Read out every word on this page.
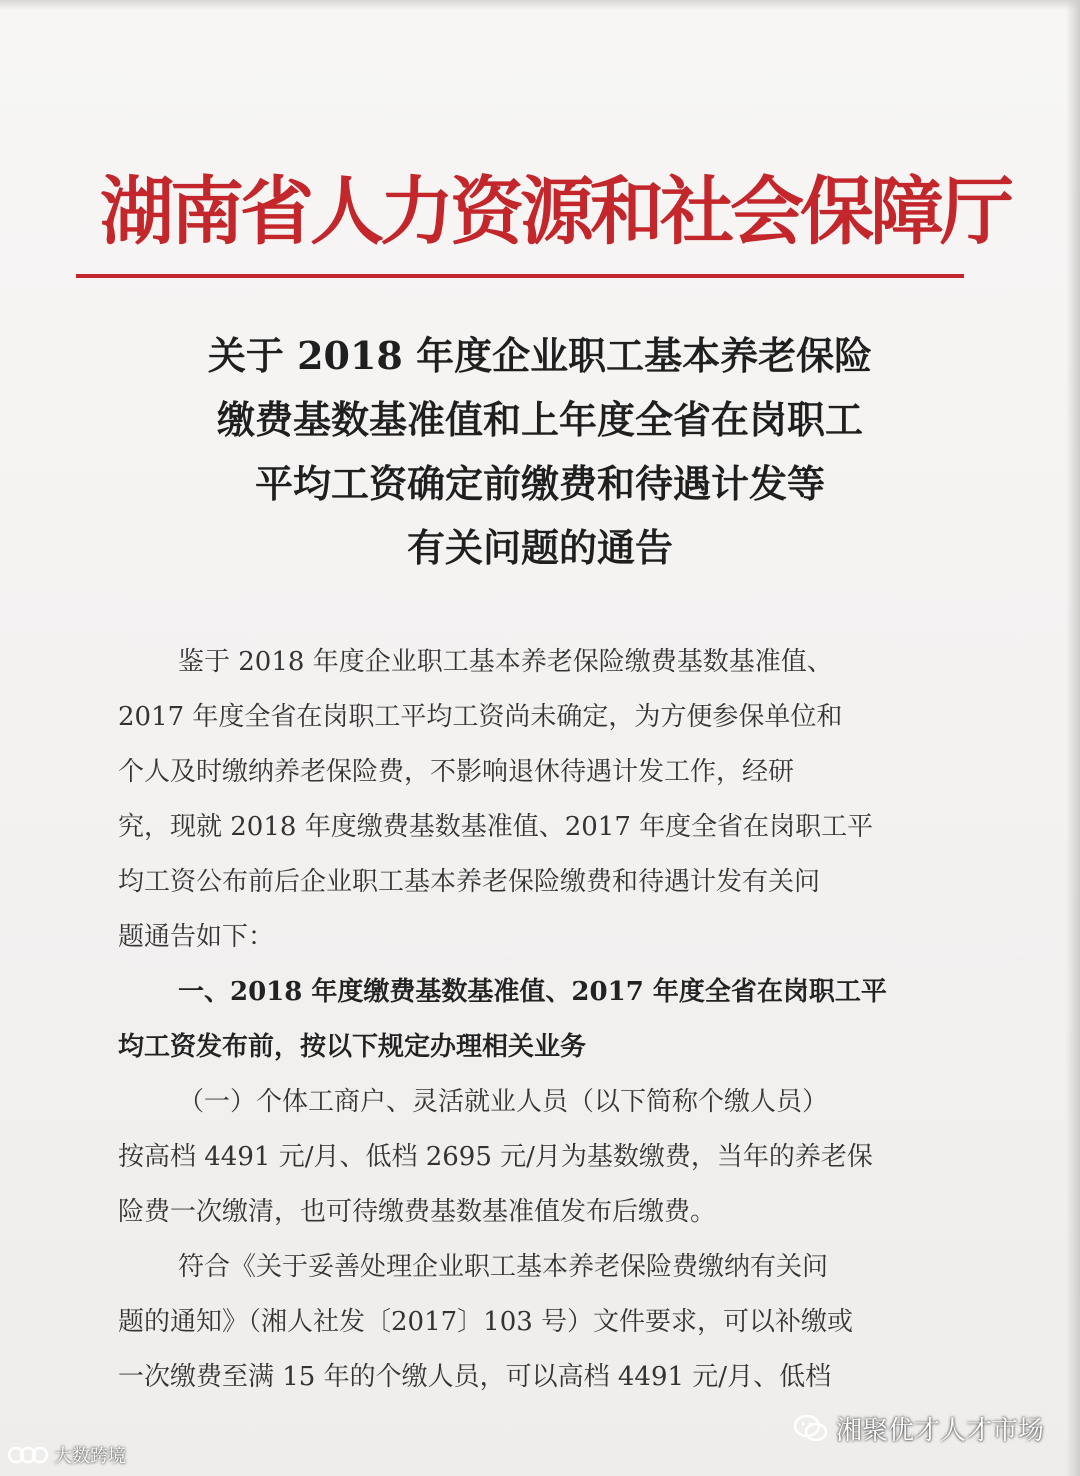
湖南省人力资源和社会保障厅
关于 2018 年度企业职工基本养老保险
缴费基数基准值和上年度全省在岗职工
平均工资确定前缴费和待遇计发等
有关问题的通告
鉴于 2018 年度企业职工基本养老保险缴费基数基准值、
2017 年度全省在岗职工平均工资尚未确定，为方便参保单位和
个人及时缴纳养老保险费，不影响退休待遇计发工作，经研
究，现就 2018 年度缴费基数基准值、2017 年度全省在岗职工平
均工资公布前后企业职工基本养老保险缴费和待遇计发有关问
题通告如下：
一、2018 年度缴费基数基准值、2017 年度全省在岗职工平
均工资发布前，按以下规定办理相关业务
（一）个体工商户、灵活就业人员（以下简称个缴人员）
按高档 4491 元/月、低档 2695 元/月为基数缴费，当年的养老保
险费一次缴清，也可待缴费基数基准值发布后缴费。
符合《关于妥善处理企业职工基本养老保险费缴纳有关问
题的通知》（湘人社发〔2017〕103 号）文件要求，可以补缴或
一次缴费至满 15 年的个缴人员，可以高档 4491 元/月、低档
大数跨境
湘聚优才人才市场
